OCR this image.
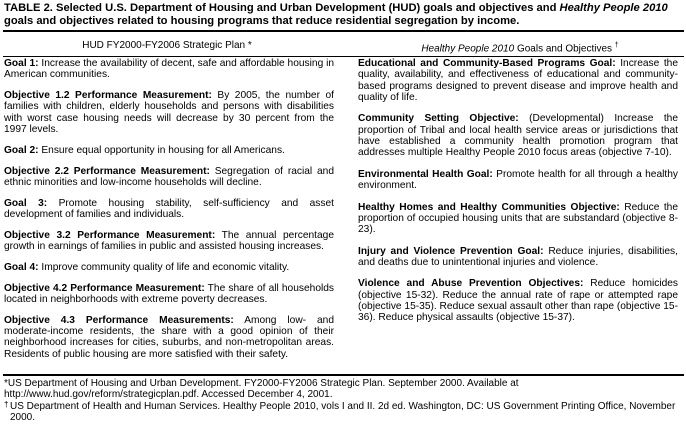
TABLE 2. Selected U.S. Department of Housing and Urban Development (HUD) goals and objectives and Healthy People 2010 goals and objectives related to housing programs that reduce residential segregation by income.
HUD FY2000-FY2006 Strategic Plan *	Healthy People 2010 Goals and Objectives †

Goal 1: Increase the availability of decent, safe and affordable housing in American communities.

Objective 1.2 Performance Measurement: By 2005, the number of families with children, elderly households and persons with disabilities with worst case housing needs will decrease by 30 percent from the 1997 levels.

Goal 2: Ensure equal opportunity in housing for all Americans.

Objective 2.2 Performance Measurement: Segregation of racial and ethnic minorities and low-income households will decline.

Goal 3: Promote housing stability, self-sufficiency and asset development of families and individuals.

Objective 3.2 Performance Measurement: The annual percentage growth in earnings of families in public and assisted housing increases.

Goal 4: Improve community quality of life and economic vitality.

Objective 4.2 Performance Measurement: The share of all households located in neighborhoods with extreme poverty decreases.

Objective 4.3 Performance Measurements: Among low- and moderate-income residents, the share with a good opinion of their neighborhood increases for cities, suburbs, and non-metropolitan areas. Residents of public housing are more satisfied with their safety.

Educational and Community-Based Programs Goal: Increase the quality, availability, and effectiveness of educational and community-based programs designed to prevent disease and improve health and quality of life.

Community Setting Objective: (Developmental) Increase the proportion of Tribal and local health service areas or jurisdictions that have established a community health promotion program that addresses multiple Healthy People 2010 focus areas (objective 7-10).

Environmental Health Goal: Promote health for all through a healthy environment.

Healthy Homes and Healthy Communities Objective: Reduce the proportion of occupied housing units that are substandard (objective 8-23).

Injury and Violence Prevention Goal: Reduce injuries, disabilities, and deaths due to unintentional injuries and violence.

Violence and Abuse Prevention Objectives: Reduce homicides (objective 15-32). Reduce the annual rate of rape or attempted rape (objective 15-35). Reduce sexual assault other than rape (objective 15-36). Reduce physical assaults (objective 15-37).

*US Department of Housing and Urban Development. FY2000-FY2006 Strategic Plan. September 2000. Available at http://www.hud.gov/reform/strategicplan.pdf. Accessed December 4, 2001.
† US Department of Health and Human Services. Healthy People 2010, vols I and II. 2d ed. Washington, DC: US Government Printing Office, November 2000.
